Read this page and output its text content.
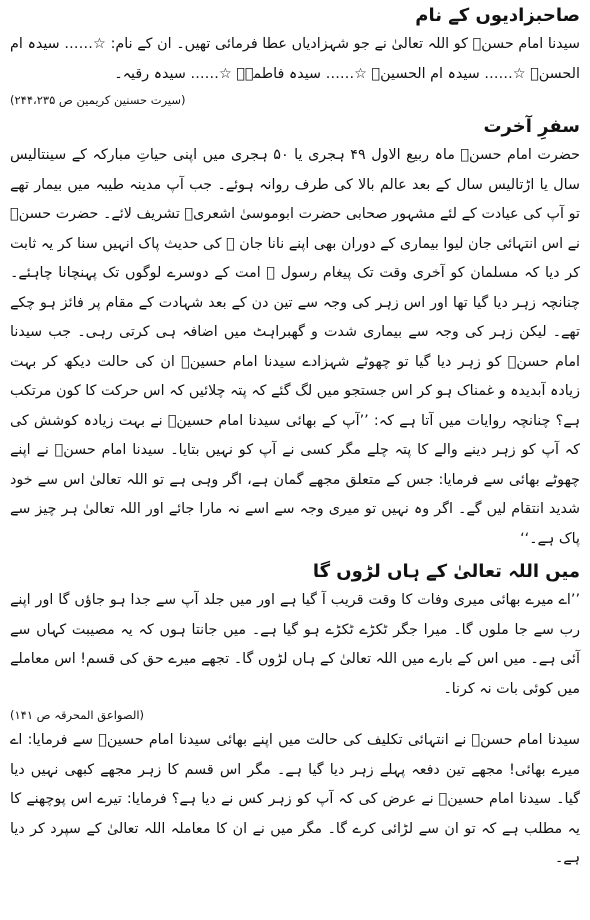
صاحبزادیوں کے نام

سیدنا امام حسنؓ کو اللہ تعالیٰ نے جو شہزادیاں عطا فرمائی تھیں۔ ان کے نام: ☆…… سیدہ ام الحسنؓ ☆…… سیدہ ام الحسینؓ ☆…… سیدہ فاطمہؓ ☆…… سیدہ رقیہ۔

(سیرت حسنین کریمین ص ۲۴۴،۲۳۵)

سفرِ آخرت

حضرت امام حسنؓ ماہ ربیع الاول ۴۹ ہجری یا ۵۰ ہجری میں اپنی حیاتِ مبارکہ کے سینتالیس سال یا اڑتالیس سال کے بعد عالم بالا کی طرف روانہ ہوئے۔ جب آپ مدینہ طیبہ میں بیمار تھے تو آپ کی عیادت کے لئے مشہور صحابی حضرت ابوموسیٰ اشعریؓ تشریف لائے۔ حضرت حسنؓ نے اس انتہائی جان لیوا بیماری کے دوران بھی اپنے نانا جان ﷺ کی حدیث پاک انہیں سنا کر یہ ثابت کر دیا کہ مسلمان کو آخری وقت تک پیغام رسول ﷺ امت کے دوسرے لوگوں تک پہنچانا چاہئے۔ چنانچہ زہر دیا گیا تھا اور اس زہر کی وجہ سے تین دن کے بعد شہادت کے مقام پر فائز ہو چکے تھے۔ لیکن زہر کی وجہ سے بیماری شدت و گھبراہٹ میں اضافہ ہی کرتی رہی۔ جب سیدنا امام حسنؓ کو زہر دیا گیا تو چھوٹے شہزادے سیدنا امام حسینؓ ان کی حالت دیکھ کر بہت زیادہ آبدیدہ و غمناک ہو کر اس جستجو میں لگ گئے کہ پتہ چلائیں کہ اس حرکت کا کون مرتکب ہے؟ چنانچہ روایات میں آتا ہے کہ: ’’آپ کے بھائی سیدنا امام حسینؓ نے بہت زیادہ کوشش کی کہ آپ کو زہر دینے والے کا پتہ چلے مگر کسی نے آپ کو نہیں بتایا۔ سیدنا امام حسنؓ نے اپنے چھوٹے بھائی سے فرمایا: جس کے متعلق مجھے گمان ہے، اگر وہی ہے تو اللہ تعالیٰ اس سے خود شدید انتقام لیں گے۔ اگر وہ نہیں تو میری وجہ سے اسے نہ مارا جائے اور اللہ تعالیٰ ہر چیز سے پاک ہے۔‘‘

میں اللہ تعالیٰ کے ہاں لڑوں گا

’’اے میرے بھائی میری وفات کا وقت قریب آ گیا ہے اور میں جلد آپ سے جدا ہو جاؤں گا اور اپنے رب سے جا ملوں گا۔ میرا جگر ٹکڑے ٹکڑے ہو گیا ہے۔ میں جانتا ہوں کہ یہ مصیبت کہاں سے آئی ہے۔ میں اس کے بارے میں اللہ تعالیٰ کے ہاں لڑوں گا۔ تجھے میرے حق کی قسم! اس معاملے میں کوئی بات نہ کرنا۔

(الصواعق المحرقہ ص ۱۴۱)

سیدنا امام حسنؓ نے انتہائی تکلیف کی حالت میں اپنے بھائی سیدنا امام حسینؓ سے فرمایا: اے میرے بھائی! مجھے تین دفعہ پہلے زہر دیا گیا ہے۔ مگر اس قسم کا زہر مجھے کبھی نہیں دیا گیا۔ سیدنا امام حسینؓ نے عرض کی کہ آپ کو زہر کس نے دیا ہے؟ فرمایا: تیرے اس پوچھنے کا یہ مطلب ہے کہ تو ان سے لڑائی کرے گا۔ مگر میں نے ان کا معاملہ اللہ تعالیٰ کے سپرد کر دیا ہے۔
